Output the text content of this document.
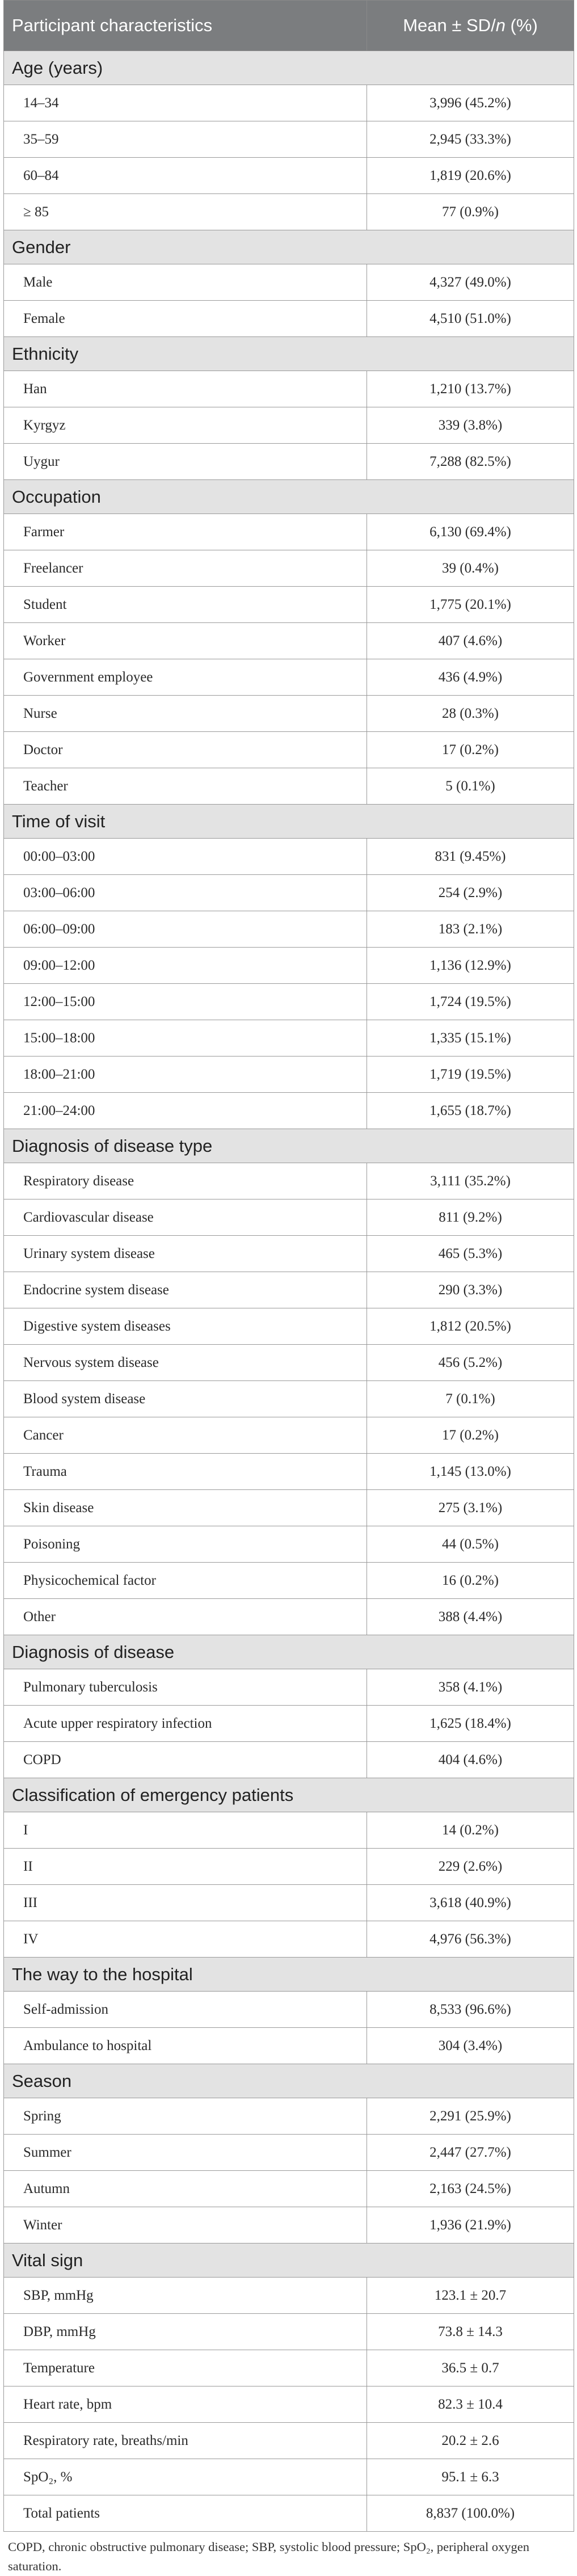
Participant characteristics	Mean ± SD/n (%)
Age (years)	
14–34	3,996 (45.2%)
35–59	2,945 (33.3%)
60–84	1,819 (20.6%)
≥ 85	77 (0.9%)
Gender	
Male	4,327 (49.0%)
Female	4,510 (51.0%)
Ethnicity	
Han	1,210 (13.7%)
Kyrgyz	339 (3.8%)
Uygur	7,288 (82.5%)
Occupation	
Farmer	6,130 (69.4%)
Freelancer	39 (0.4%)
Student	1,775 (20.1%)
Worker	407 (4.6%)
Government employee	436 (4.9%)
Nurse	28 (0.3%)
Doctor	17 (0.2%)
Teacher	5 (0.1%)
Time of visit	
00:00–03:00	831 (9.45%)
03:00–06:00	254 (2.9%)
06:00–09:00	183 (2.1%)
09:00–12:00	1,136 (12.9%)
12:00–15:00	1,724 (19.5%)
15:00–18:00	1,335 (15.1%)
18:00–21:00	1,719 (19.5%)
21:00–24:00	1,655 (18.7%)
Diagnosis of disease type	
Respiratory disease	3,111 (35.2%)
Cardiovascular disease	811 (9.2%)
Urinary system disease	465 (5.3%)
Endocrine system disease	290 (3.3%)
Digestive system diseases	1,812 (20.5%)
Nervous system disease	456 (5.2%)
Blood system disease	7 (0.1%)
Cancer	17 (0.2%)
Trauma	1,145 (13.0%)
Skin disease	275 (3.1%)
Poisoning	44 (0.5%)
Physicochemical factor	16 (0.2%)
Other	388 (4.4%)
Diagnosis of disease	
Pulmonary tuberculosis	358 (4.1%)
Acute upper respiratory infection	1,625 (18.4%)
COPD	404 (4.6%)
Classification of emergency patients	
I	14 (0.2%)
II	229 (2.6%)
III	3,618 (40.9%)
IV	4,976 (56.3%)
The way to the hospital	
Self-admission	8,533 (96.6%)
Ambulance to hospital	304 (3.4%)
Season	
Spring	2,291 (25.9%)
Summer	2,447 (27.7%)
Autumn	2,163 (24.5%)
Winter	1,936 (21.9%)
Vital sign	
SBP, mmHg	123.1 ± 20.7
DBP, mmHg	73.8 ± 14.3
Temperature	36.5 ± 0.7
Heart rate, bpm	82.3 ± 10.4
Respiratory rate, breaths/min	20.2 ± 2.6
SpO₂, %	95.1 ± 6.3
Total patients	8,837 (100.0%)
COPD, chronic obstructive pulmonary disease; SBP, systolic blood pressure; SpO₂, peripheral oxygen saturation.
